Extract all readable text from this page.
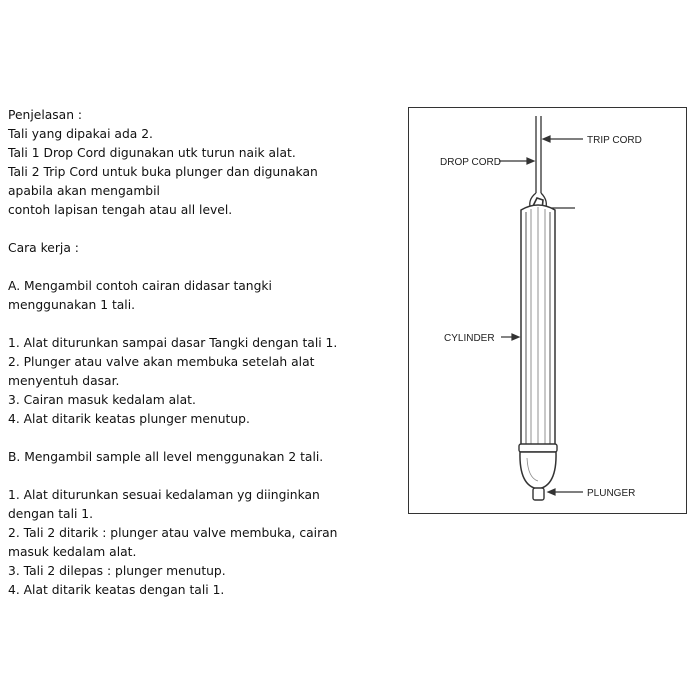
Penjelasan :
Tali yang dipakai ada 2.
Tali 1 Drop Cord digunakan utk turun naik alat.
Tali 2 Trip Cord untuk buka plunger dan digunakan
apabila akan mengambil
contoh lapisan tengah atau all level.
Cara kerja :
A. Mengambil contoh cairan didasar tangki
menggunakan 1 tali.
1. Alat diturunkan sampai dasar Tangki dengan tali 1.
2. Plunger atau valve akan membuka setelah alat
menyentuh dasar.
3. Cairan masuk kedalam alat.
4. Alat ditarik keatas plunger menutup.
B. Mengambil sample all level menggunakan 2 tali.
1. Alat diturunkan sesuai kedalaman yg diinginkan
dengan tali 1.
2. Tali 2 ditarik : plunger atau valve membuka, cairan
masuk kedalam alat.
3. Tali 2 dilepas : plunger menutup.
4. Alat ditarik keatas dengan tali 1.
TRIP CORD
DROP CORD
CYLINDER
PLUNGER
